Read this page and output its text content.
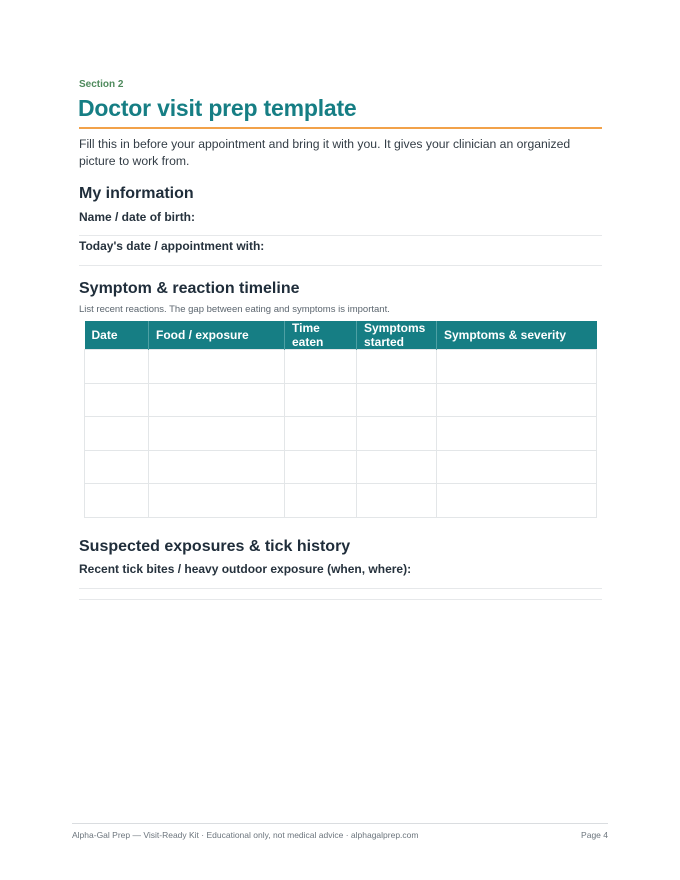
Section 2
Doctor visit prep template

Fill this in before your appointment and bring it with you. It gives your clinician an organized picture to work from.

My information
Name / date of birth:
Today's date / appointment with:
Symptom & reaction timeline
List recent reactions. The gap between eating and symptoms is important.
Date	Food / exposure	Time eaten	Symptoms started	Symptoms & severity

Suspected exposures & tick history
Recent tick bites / heavy outdoor exposure (when, where):
Alpha-Gal Prep — Visit-Ready Kit · Educational only, not medical advice · alphagalprep.com	Page 4
